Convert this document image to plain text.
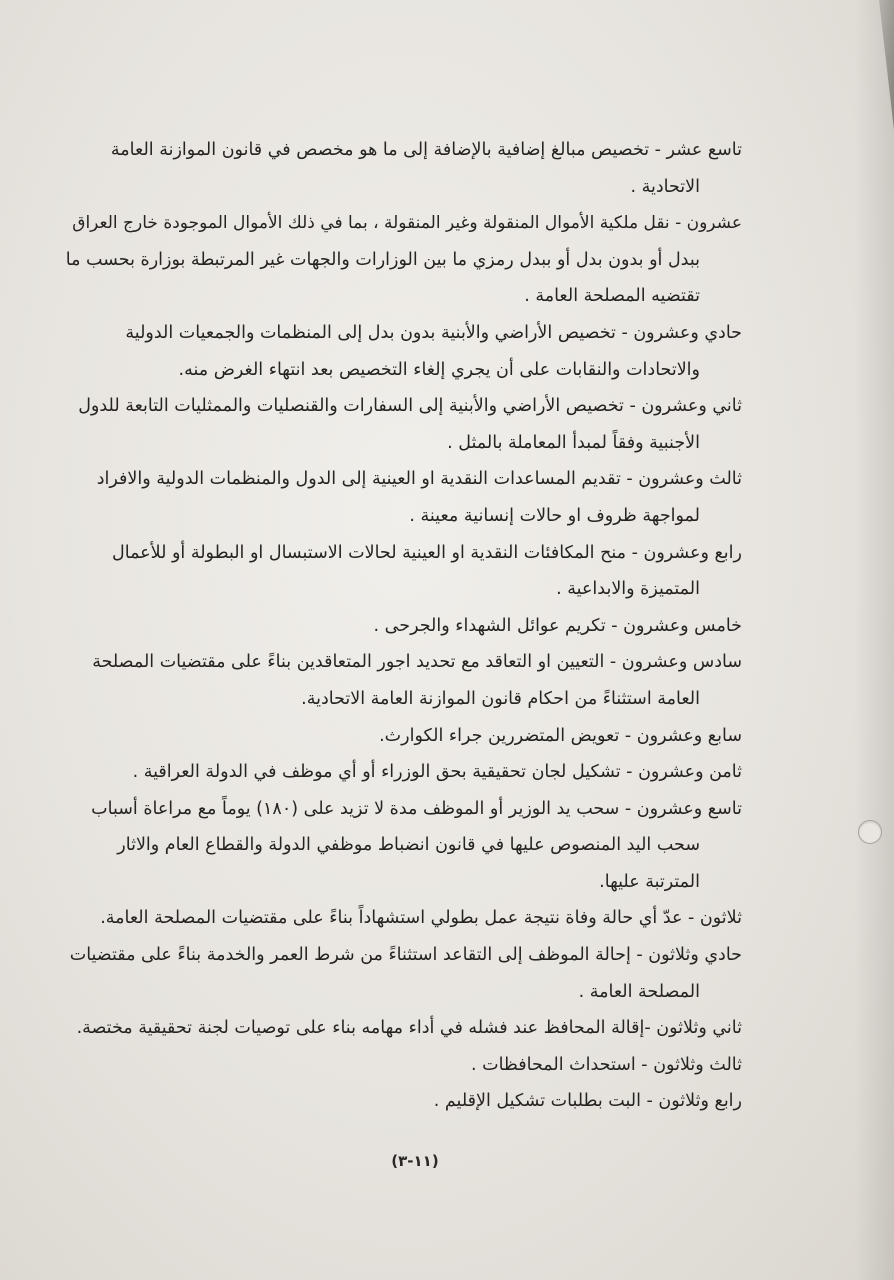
تاسع عشر - تخصيص مبالغ إضافية بالإضافة إلى ما هو مخصص في قانون الموازنة العامة
الاتحادية .
عشرون - نقل ملكية الأموال المنقولة وغير المنقولة ، بما في ذلك الأموال الموجودة خارج العراق
ببدل أو بدون بدل أو ببدل رمزي ما بين الوزارات والجهات غير المرتبطة بوزارة بحسب ما
تقتضيه المصلحة العامة .
حادي وعشرون - تخصيص الأراضي والأبنية بدون بدل إلى المنظمات والجمعيات الدولية
والاتحادات والنقابات على أن يجري إلغاء التخصيص بعد انتهاء الغرض منه.
ثاني وعشرون - تخصيص الأراضي والأبنية إلى السفارات والقنصليات والممثليات التابعة للدول
الأجنبية وفقاً لمبدأ المعاملة بالمثل .
ثالث وعشرون - تقديم المساعدات النقدية او العينية إلى الدول والمنظمات الدولية والافراد
لمواجهة ظروف او حالات إنسانية معينة .
رابع وعشرون - منح المكافئات النقدية او العينية لحالات الاستبسال او البطولة أو للأعمال
المتميزة والابداعية .
خامس وعشرون - تكريم عوائل الشهداء والجرحى .
سادس وعشرون - التعيين او التعاقد مع تحديد اجور المتعاقدين بناءً على مقتضيات المصلحة
العامة استثناءً من احكام قانون الموازنة العامة الاتحادية.
سابع وعشرون - تعويض المتضررين جراء الكوارث.
ثامن وعشرون - تشكيل لجان تحقيقية بحق الوزراء أو أي موظف في الدولة العراقية .
تاسع وعشرون - سحب يد الوزير أو الموظف مدة لا تزيد على (١٨٠) يوماً مع مراعاة أسباب
سحب اليد المنصوص عليها في قانون انضباط موظفي الدولة والقطاع العام والاثار
المترتبة عليها.
ثلاثون - عدّ أي حالة وفاة نتيجة عمل بطولي استشهاداً بناءً على مقتضيات المصلحة العامة.
حادي وثلاثون - إحالة الموظف إلى التقاعد استثناءً من شرط العمر والخدمة بناءً على مقتضيات
المصلحة العامة .
ثاني وثلاثون -إقالة المحافظ عند فشله في أداء مهامه بناء على توصيات لجنة تحقيقية مختصة.
ثالث وثلاثون - استحداث المحافظات .
رابع وثلاثون - البت بطلبات تشكيل الإقليم .
(١١-٣)
